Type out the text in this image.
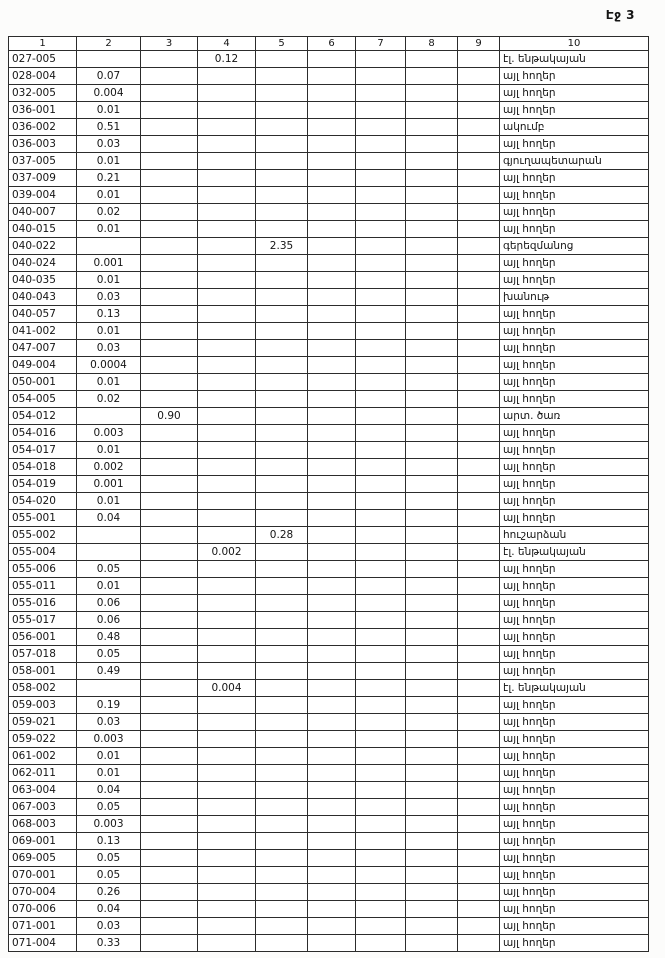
Էջ 3
1	2	3	4	5	6	7	8	9	10
027-005			0.12						էլ. ենթակայան
028-004	0.07								այլ հողեր
032-005	0.004								այլ հողեր
036-001	0.01								այլ հողեր
036-002	0.51								ակումբ
036-003	0.03								այլ հողեր
037-005	0.01								գյուղապետարան
037-009	0.21								այլ հողեր
039-004	0.01								այլ հողեր
040-007	0.02								այլ հողեր
040-015	0.01								այլ հողեր
040-022				2.35					գերեզմանոց
040-024	0.001								այլ հողեր
040-035	0.01								այլ հողեր
040-043	0.03								խանութ
040-057	0.13								այլ հողեր
041-002	0.01								այլ հողեր
047-007	0.03								այլ հողեր
049-004	0.0004								այլ հողեր
050-001	0.01								այլ հողեր
054-005	0.02								այլ հողեր
054-012		0.90							արտ. ծառ
054-016	0.003								այլ հողեր
054-017	0.01								այլ հողեր
054-018	0.002								այլ հողեր
054-019	0.001								այլ հողեր
054-020	0.01								այլ հողեր
055-001	0.04								այլ հողեր
055-002				0.28					հուշարձան
055-004			0.002						էլ. ենթակայան
055-006	0.05								այլ հողեր
055-011	0.01								այլ հողեր
055-016	0.06								այլ հողեր
055-017	0.06								այլ հողեր
056-001	0.48								այլ հողեր
057-018	0.05								այլ հողեր
058-001	0.49								այլ հողեր
058-002			0.004						էլ. ենթակայան
059-003	0.19								այլ հողեր
059-021	0.03								այլ հողեր
059-022	0.003								այլ հողեր
061-002	0.01								այլ հողեր
062-011	0.01								այլ հողեր
063-004	0.04								այլ հողեր
067-003	0.05								այլ հողեր
068-003	0.003								այլ հողեր
069-001	0.13								այլ հողեր
069-005	0.05								այլ հողեր
070-001	0.05								այլ հողեր
070-004	0.26								այլ հողեր
070-006	0.04								այլ հողեր
071-001	0.03								այլ հողեր
071-004	0.33								այլ հողեր
